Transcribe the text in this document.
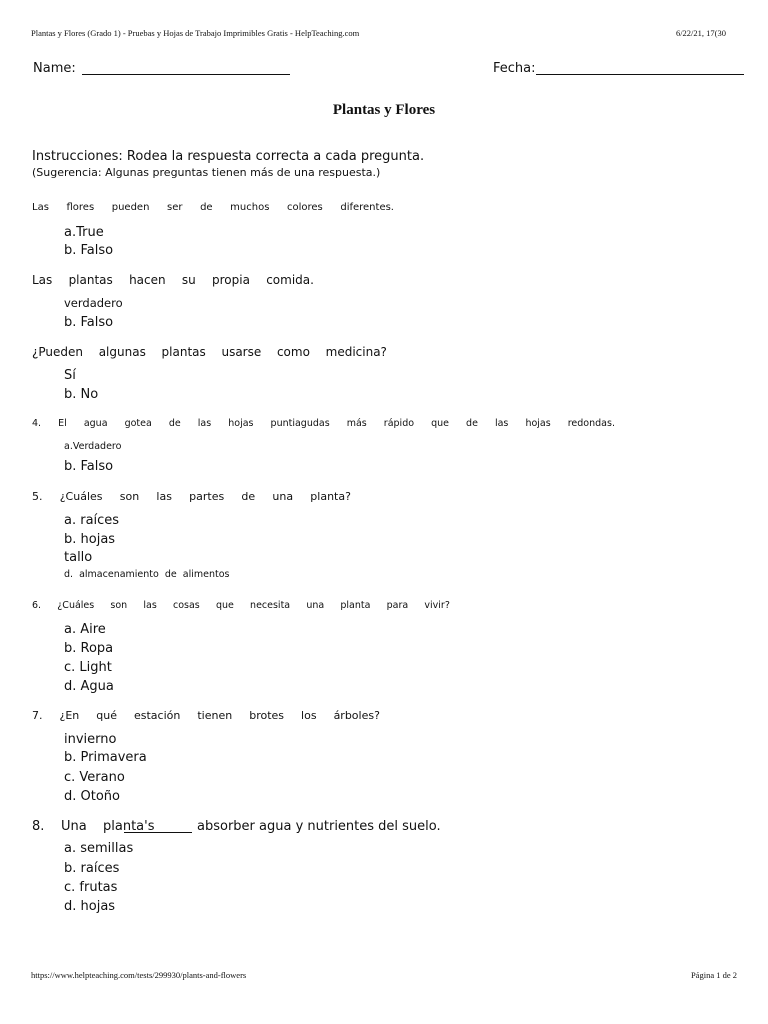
Plantas y Flores (Grado 1) - Pruebas y Hojas de Trabajo Imprimibles Gratis - HelpTeaching.com	6/22/21, 17(30
Name:	Fecha:
Plantas y Flores
Instrucciones: Rodea la respuesta correcta a cada pregunta.
(Sugerencia: Algunas preguntas tienen más de una respuesta.)
Las flores pueden ser de muchos colores diferentes.
a.True
b. Falso
Las plantas hacen su propia comida.
verdadero
b. Falso
¿Pueden algunas plantas usarse como medicina?
Sí
b. No
4. El agua gotea de las hojas puntiagudas más rápido que de las hojas redondas.
a.Verdadero
b. Falso
5. ¿Cuáles son las partes de una planta?
a. raíces
b. hojas
tallo
d.  almacenamiento  de  alimentos
6. ¿Cuáles son las cosas que necesita una planta para vivir?
a. Aire
b. Ropa
c. Light
d. Agua
7. ¿En qué estación tienen brotes los árboles?
invierno
b. Primavera
c. Verano
d. Otoño
8. Una planta's	absorber agua y nutrientes del suelo.
a. semillas
b. raíces
c. frutas
d. hojas
https://www.helpteaching.com/tests/299930/plants-and-flowers	Página 1 de 2
